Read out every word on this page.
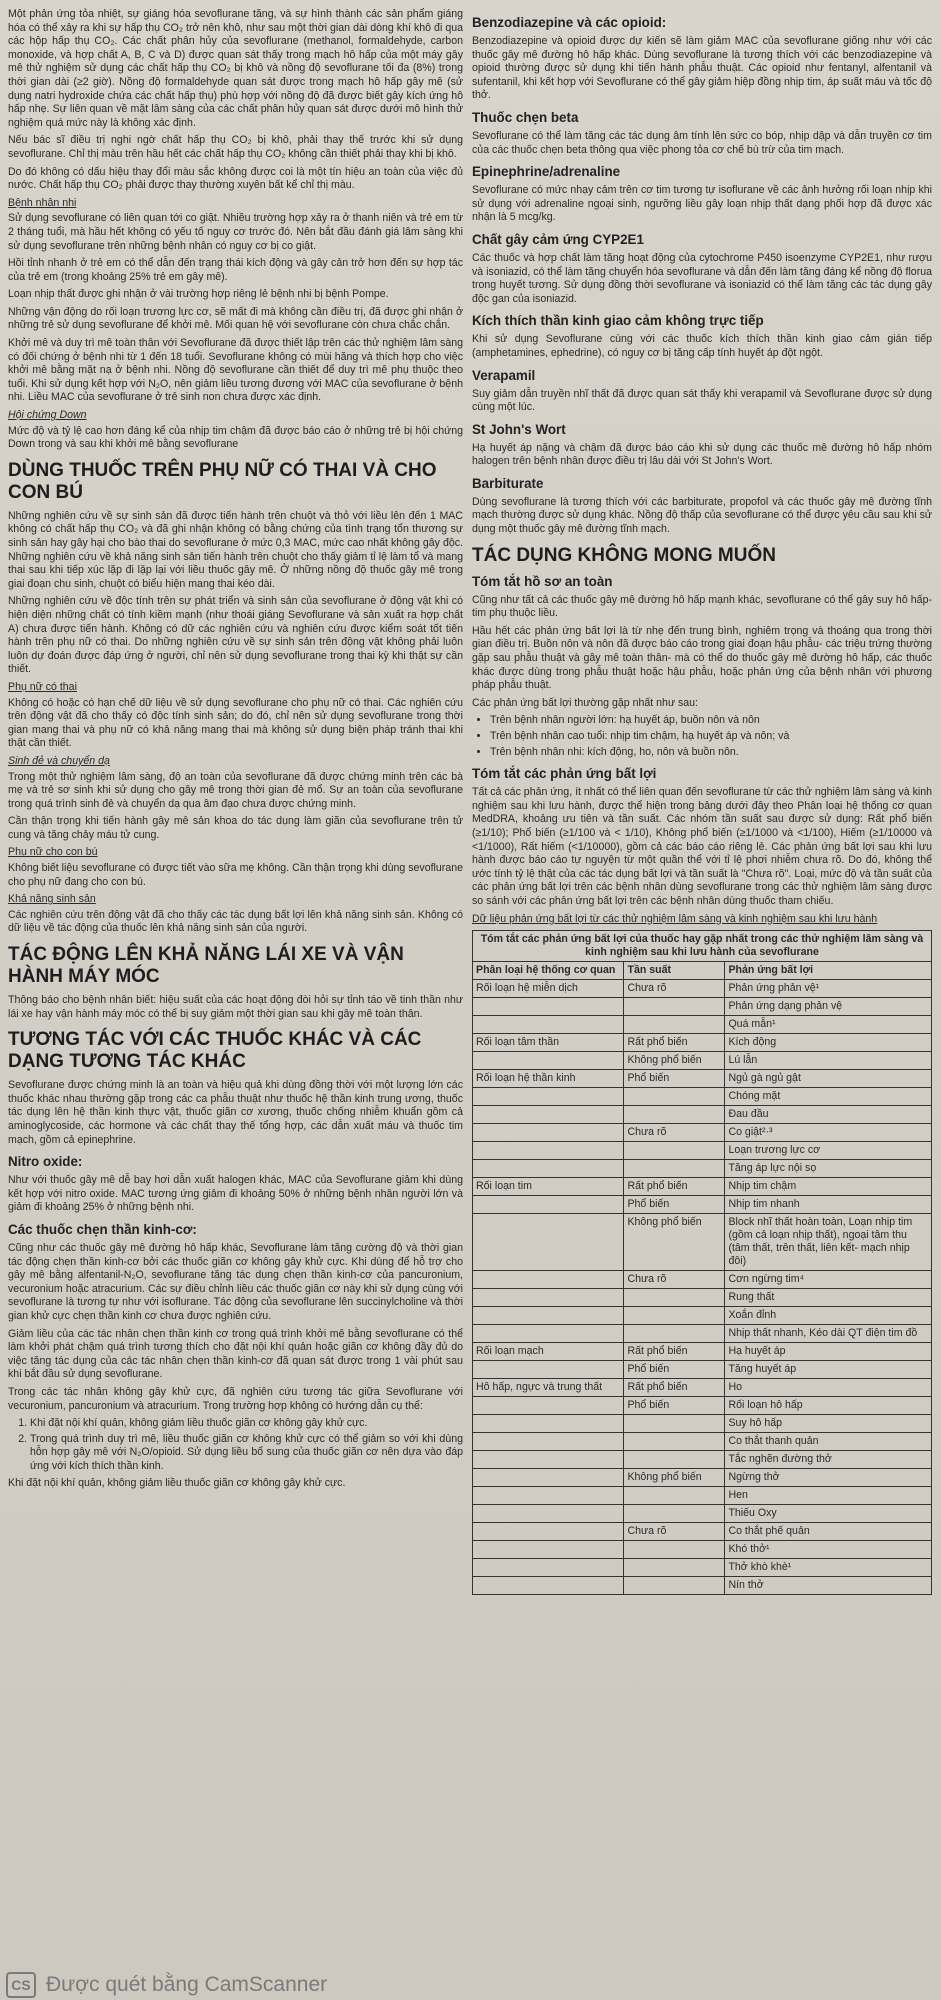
Một phản ứng tỏa nhiệt, sự giáng hóa sevoflurane tăng, và sự hình thành các sản phẩm giáng hóa có thể xảy ra khi sự hấp thụ CO₂ trở nên khô, như sau một thời gian dài dòng khí khô đi qua các hộp hấp thụ CO₂. Các chất phân hủy của sevoflurane (methanol, formaldehyde, carbon monoxide, và hợp chất A, B, C và D) được quan sát thấy trong mạch hô hấp của một máy gây mê thử nghiệm sử dụng các chất hấp thụ CO₂ bị khô và nồng độ sevoflurane tối đa (8%) trong thời gian dài (≥2 giờ). Nồng độ formaldehyde quan sát được trong mạch hô hấp gây mê (sử dụng natri hydroxide chứa các chất hấp thụ) phù hợp với nồng độ đã được biết gây kích ứng hô hấp nhẹ. Sự liên quan về mặt lâm sàng của các chất phân hủy quan sát được dưới mô hình thử nghiệm quá mức này là không xác định.

Nếu bác sĩ điều trị nghi ngờ chất hấp thụ CO₂ bị khô, phải thay thế trước khi sử dụng sevoflurane. Chỉ thị màu trên hầu hết các chất hấp thụ CO₂ không cần thiết phải thay khi bị khô.

Do đó không có dấu hiệu thay đổi màu sắc không được coi là một tín hiệu an toàn của việc đủ nước. Chất hấp thụ CO₂ phải được thay thường xuyên bất kể chỉ thị màu.

Bệnh nhân nhi

Sử dụng sevoflurane có liên quan tới co giật. Nhiều trường hợp xảy ra ở thanh niên và trẻ em từ 2 tháng tuổi, mà hầu hết không có yếu tố nguy cơ trước đó. Nên bắt đầu đánh giá lâm sàng khi sử dụng sevoflurane trên những bệnh nhân có nguy cơ bị co giật.

Hồi tỉnh nhanh ở trẻ em có thể dẫn đến trạng thái kích động và gây cản trở hơn đến sự hợp tác của trẻ em (trong khoảng 25% trẻ em gây mê).

Loạn nhịp thất được ghi nhận ở vài trường hợp riêng lẻ bệnh nhi bị bệnh Pompe.

Những vận động do rối loạn trương lực cơ, sẽ mất đi mà không cần điều trị, đã được ghi nhận ở những trẻ sử dụng sevoflurane để khởi mê. Mối quan hệ với sevoflurane còn chưa chắc chắn.

Khởi mê và duy trì mê toàn thân với Sevoflurane đã được thiết lập trên các thử nghiệm lâm sàng có đối chứng ở bệnh nhi từ 1 đến 18 tuổi. Sevoflurane không có mùi hăng và thích hợp cho việc khởi mê bằng mặt nạ ở bệnh nhi. Nồng độ sevoflurane cần thiết để duy trì mê phụ thuộc theo tuổi. Khi sử dụng kết hợp với N₂O, nên giảm liều tương đương với MAC của sevoflurane ở bệnh nhi. Liều MAC của sevoflurane ở trẻ sinh non chưa được xác định.

Hội chứng Down

Mức độ và tỷ lệ cao hơn đáng kể của nhịp tim chậm đã được báo cáo ở những trẻ bị hội chứng Down trong và sau khi khởi mê bằng sevoflurane

DÙNG THUỐC TRÊN PHỤ NỮ CÓ THAI VÀ CHO CON BÚ

Những nghiên cứu về sự sinh sản đã được tiến hành trên chuột và thỏ với liều lên đến 1 MAC không có chất hấp thụ CO₂ và đã ghi nhận không có bằng chứng của tình trạng tổn thương sự sinh sản hay gây hại cho bào thai do sevoflurane ở mức 0,3 MAC, mức cao nhất không gây độc. Những nghiên cứu về khả năng sinh sản tiến hành trên chuột cho thấy giảm tỉ lệ làm tổ và mang thai sau khi tiếp xúc lặp đi lặp lại với liều thuốc gây mê. Ở những nồng độ thuốc gây mê trong giai đoạn chu sinh, chuột có biểu hiện mang thai kéo dài.

Những nghiên cứu về độc tính trên sự phát triển và sinh sản của sevoflurane ở động vật khi có hiện diện những chất có tính kiềm mạnh (như thoái giáng Sevoflurane và sản xuất ra hợp chất A) chưa được tiến hành. Không có dữ các nghiên cứu và nghiên cứu được kiểm soát tốt tiến hành trên phụ nữ có thai. Do những nghiên cứu về sự sinh sản trên động vật không phải luôn luôn dự đoán được đáp ứng ở người, chỉ nên sử dụng sevoflurane trong thai kỳ khi thật sự cần thiết.

Phụ nữ có thai

Không có hoặc có hạn chế dữ liệu về sử dụng sevoflurane cho phụ nữ có thai. Các nghiên cứu trên động vật đã cho thấy có độc tính sinh sản; do đó, chỉ nên sử dụng sevoflurane trong thời gian mang thai và phụ nữ có khả năng mang thai mà không sử dụng biện pháp tránh thai khi thật cần thiết.

Sinh đẻ và chuyển dạ

Trong một thử nghiệm lâm sàng, độ an toàn của sevoflurane đã được chứng minh trên các bà mẹ và trẻ sơ sinh khi sử dụng cho gây mê trong thời gian đẻ mổ. Sự an toàn của sevoflurane trong quá trình sinh đẻ và chuyển dạ qua âm đạo chưa được chứng minh.

Cần thận trọng khi tiến hành gây mê sản khoa do tác dụng làm giãn của sevoflurane trên tử cung và tăng chảy máu tử cung.

Phụ nữ cho con bú

Không biết liệu sevoflurane có được tiết vào sữa mẹ không. Cần thận trọng khi dùng sevoflurane cho phụ nữ đang cho con bú.

Khả năng sinh sản

Các nghiên cứu trên động vật đã cho thấy các tác dụng bất lợi lên khả năng sinh sản. Không có dữ liệu về tác động của thuốc lên khả năng sinh sản của người.

TÁC ĐỘNG LÊN KHẢ NĂNG LÁI XE VÀ VẬN HÀNH MÁY MÓC

Thông báo cho bệnh nhân biết: hiệu suất của các hoạt động đòi hỏi sự tỉnh táo về tinh thần như lái xe hay vận hành máy móc có thể bị suy giảm một thời gian sau khi gây mê toàn thân.

TƯƠNG TÁC VỚI CÁC THUỐC KHÁC VÀ CÁC DẠNG TƯƠNG TÁC KHÁC

Sevoflurane được chứng minh là an toàn và hiệu quả khi dùng đồng thời với một lượng lớn các thuốc khác nhau thường gặp trong các ca phẫu thuật như thuốc hệ thần kinh trung ương, thuốc tác dụng lên hệ thần kinh thực vật, thuốc giãn cơ xương, thuốc chống nhiễm khuẩn gồm cả aminoglycoside, các hormone và các chất thay thế tổng hợp, các dẫn xuất máu và thuốc tim mạch, gồm cả epinephrine.

Nitro oxide:

Như với thuốc gây mê dễ bay hơi dẫn xuất halogen khác, MAC của Sevoflurane giảm khi dùng kết hợp với nitro oxide. MAC tương ứng giảm đi khoảng 50% ở những bệnh nhân người lớn và giảm đi khoảng 25% ở những bệnh nhi.

Các thuốc chẹn thần kinh-cơ:

Cũng như các thuốc gây mê đường hô hấp khác, Sevoflurane làm tăng cường độ và thời gian tác động chẹn thần kinh-cơ bởi các thuốc giãn cơ không gây khử cực. Khi dùng để hỗ trợ cho gây mê bằng alfentanil-N₂O, sevoflurane tăng tác dụng chẹn thần kinh-cơ của pancuronium, vecuronium hoặc atracurium. Các sự điều chỉnh liều các thuốc giãn cơ này khi sử dụng cùng với sevoflurane là tương tự như với isoflurane. Tác động của sevoflurane lên succinylcholine và thời gian khử cực chẹn thần kinh cơ chưa được nghiên cứu.

Giảm liều của các tác nhân chẹn thần kinh cơ trong quá trình khởi mê bằng sevoflurane có thể làm khởi phát chậm quá trình tương thích cho đặt nội khí quản hoặc giãn cơ không đầy đủ do việc tăng tác dụng của các tác nhân chẹn thần kinh-cơ đã quan sát được trong 1 vài phút sau khi bắt đầu sử dụng sevoflurane.

Trong các tác nhân không gây khử cực, đã nghiên cứu tương tác giữa Sevoflurane với vecuronium, pancuronium và atracurium. Trong trường hợp không có hướng dẫn cụ thể:

1. Khi đặt nội khí quản, không giảm liều thuốc giãn cơ không gây khử cực.
2. Trong quá trình duy trì mê, liều thuốc giãn cơ không khử cực có thể giảm so với khi dùng hỗn hợp gây mê với N₂O/opioid. Sử dụng liều bổ sung của thuốc giãn cơ nên dựa vào đáp ứng với kích thích thần kinh.

Khi đặt nội khí quản, không giảm liều thuốc giãn cơ không gây khử cực.

Benzodiazepine và các opioid:

Benzodiazepine và opioid được dự kiến sẽ làm giảm MAC của sevoflurane giống như với các thuốc gây mê đường hô hấp khác. Dùng sevoflurane là tương thích với các benzodiazepine và opioid thường được sử dụng khi tiến hành phẫu thuật. Các opioid như fentanyl, alfentanil và sufentanil, khi kết hợp với Sevoflurane có thể gây giảm hiệp đồng nhịp tim, áp suất máu và tốc độ thở.

Thuốc chẹn beta

Sevoflurane có thể làm tăng các tác dụng âm tính lên sức co bóp, nhịp dập và dẫn truyền cơ tim của các thuốc chẹn beta thông qua việc phong tỏa cơ chế bù trừ của tim mạch.

Epinephrine/adrenaline

Sevoflurane có mức nhạy cảm trên cơ tim tương tự isoflurane về các ảnh hưởng rối loạn nhịp khi sử dụng với adrenaline ngoại sinh, ngưỡng liều gây loạn nhịp thất dạng phối hợp đã được xác nhận là 5 mcg/kg.

Chất gây cảm ứng CYP2E1

Các thuốc và hợp chất làm tăng hoạt động của cytochrome P450 isoenzyme CYP2E1, như rượu và isoniazid, có thể làm tăng chuyển hóa sevoflurane và dẫn đến làm tăng đáng kể nồng độ florua trong huyết tương. Sử dụng đồng thời sevoflurane và isoniazid có thể làm tăng các tác dụng gây độc gan của isoniazid.

Kích thích thần kinh giao cảm không trực tiếp

Khi sử dụng Sevoflurane cùng với các thuốc kích thích thần kinh giao cảm gián tiếp (amphetamines, ephedrine), có nguy cơ bị tăng cấp tính huyết áp đột ngột.

Verapamil

Suy giảm dẫn truyền nhĩ thất đã được quan sát thấy khi verapamil và Sevoflurane được sử dụng cùng một lúc.

St John's Wort

Hạ huyết áp nặng và chậm đã được báo cáo khi sử dụng các thuốc mê đường hô hấp nhóm halogen trên bệnh nhân được điều trị lâu dài với St John's Wort.

Barbiturate

Dùng sevoflurane là tương thích với các barbiturate, propofol và các thuốc gây mê đường tĩnh mạch thường được sử dụng khác. Nồng độ thấp của sevoflurane có thể được yêu cầu sau khi sử dụng một thuốc gây mê đường tĩnh mạch.

TÁC DỤNG KHÔNG MONG MUỐN
Tóm tắt hồ sơ an toàn

Cũng như tất cả các thuốc gây mê đường hô hấp mạnh khác, sevoflurane có thể gây suy hô hấp- tim phụ thuộc liều.

Hầu hết các phản ứng bất lợi là từ nhẹ đến trung bình, nghiêm trọng và thoáng qua trong thời gian điều trị. Buồn nôn và nôn đã được báo cáo trong giai đoạn hậu phẫu- các triệu trứng thường gặp sau phẫu thuật và gây mê toàn thân- mà có thể do thuốc gây mê đường hô hấp, các thuốc khác được dùng trong phẫu thuật hoặc hậu phẫu, hoặc phản ứng của bệnh nhân với phương pháp phẫu thuật.

Các phản ứng bất lợi thường gặp nhất như sau:

• Trên bệnh nhân người lớn: hạ huyết áp, buồn nôn và nôn
• Trên bệnh nhân cao tuổi: nhịp tim chậm, hạ huyết áp và nôn; và
• Trên bệnh nhân nhi: kích động, ho, nôn và buồn nôn.
Tóm tắt các phản ứng bất lợi

Tất cả các phản ứng, ít nhất có thể liên quan đến sevoflurane từ các thử nghiệm lâm sàng và kinh nghiệm sau khi lưu hành, được thể hiện trong bảng dưới đây theo Phân loại hệ thống cơ quan MedDRA, khoảng ưu tiên và tần suất. Các nhóm tần suất sau được sử dụng: Rất phổ biến (≥1/10); Phổ biến (≥1/100 và < 1/10), Không phổ biến (≥1/1000 và <1/100), Hiếm (≥1/10000 và <1/1000), Rất hiếm (<1/10000), gồm cả các báo cáo riêng lẻ. Các phản ứng bất lợi sau khi lưu hành được báo cáo tự nguyện từ một quần thể với tỉ lệ phơi nhiễm chưa rõ. Do đó, không thể ước tính tỷ lệ thật của các tác dụng bất lợi và tần suất là "Chưa rõ". Loại, mức độ và tần suất của các phản ứng bất lợi trên các bệnh nhân dùng sevoflurane trong các thử nghiệm lâm sàng được so sánh với các phản ứng bất lợi trên các bệnh nhân dùng thuốc tham chiếu.

Dữ liệu phản ứng bất lợi từ các thử nghiệm lâm sàng và kinh nghiệm sau khi lưu hành

Tóm tắt các phản ứng bất lợi của thuốc hay gặp nhất trong các thử nghiệm lâm sàng và kinh nghiệm sau khi lưu hành của sevoflurane		
Phân loại hệ thống cơ quan	Tần suất	Phản ứng bất lợi
Rối loạn hệ miễn dịch	Chưa rõ	Phản ứng phản vệ¹
		Phản ứng dạng phản vệ
		Quá mẫn¹
Rối loạn tâm thần	Rất phổ biến	Kích động
	Không phổ biến	Lú lẫn
Rối loạn hệ thần kinh	Phổ biến	Ngủ gà ngủ gật
		Chóng mặt
		Đau đầu
	Chưa rõ	Co giật²·³
		Loạn trương lực cơ
		Tăng áp lực nội sọ
Rối loạn tim	Rất phổ biến	Nhịp tim chậm
	Phổ biến	Nhịp tim nhanh
	Không phổ biến	Block nhĩ thất hoàn toàn, Loạn nhịp tim (gồm cả loạn nhịp thất), ngoại tâm thu (tâm thất, trên thất, liên kết- mạch nhịp đôi)
	Chưa rõ	Cơn ngừng tim⁴
		Rung thất
		Xoắn đỉnh
		Nhịp thất nhanh, Kéo dài QT điện tim đồ
Rối loạn mạch	Rất phổ biến	Hạ huyết áp
	Phổ biến	Tăng huyết áp
Hô hấp, ngực và trung thất	Rất phổ biến	Ho
	Phổ biến	Rối loạn hô hấp
		Suy hô hấp
		Co thắt thanh quản
		Tắc nghẽn đường thở
	Không phổ biến	Ngừng thở
		Hen
		Thiếu Oxy
	Chưa rõ	Co thắt phế quản
		Khó thở¹
		Thở khò khè¹
		Nín thở
CS Được quét bằng CamScanner
